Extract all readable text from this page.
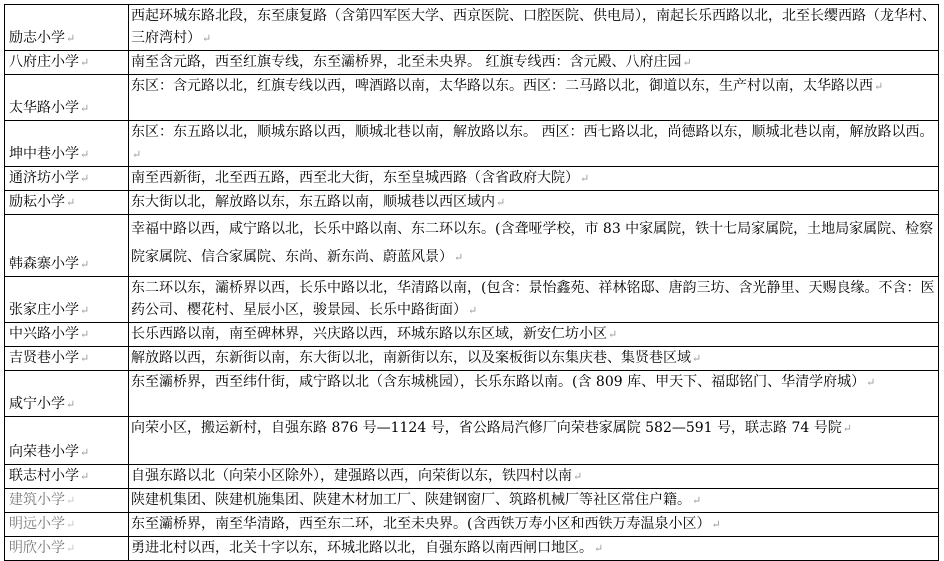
励志小学↵	西起环城东路北段，东至康复路（含第四军医大学、西京医院、口腔医院、供电局），南起长乐西路以北，北至长缨西路（龙华村、三府湾村）↵
八府庄小学↵	南至含元路，西至红旗专线，东至灞桥界，北至未央界。 红旗专线西：含元殿、八府庄园↵
太华路小学↵	东区：含元路以北，红旗专线以西，啤酒路以南，太华路以东。西区：二马路以北，御道以东，生产村以南，太华路以西↵
坤中巷小学↵	东区：东五路以北，顺城东路以西，顺城北巷以南，解放路以东。 西区：西七路以北，尚德路以东，顺城北巷以南，解放路以西。↵
通济坊小学↵	南至西新街，北至西五路，西至北大街，东至皇城西路（含省政府大院）↵
励耘小学↵	东大街以北，解放路以东，东五路以南，顺城巷以西区域内↵
韩森寨小学↵	幸福中路以西，咸宁路以北，长乐中路以南、东二环以东。(含聋哑学校，市 83 中家属院，铁十七局家属院，土地局家属院、检察院家属院、信合家属院、东尚、新东尚、蔚蓝风景）↵
张家庄小学↵	东二环以东，灞桥界以西，长乐中路以北，华清路以南，(包含：景怡鑫苑、祥林铭邸、唐韵三坊、含光静里、天赐良缘。不含：医药公司、樱花村、星辰小区，骏景园、长乐中路街面）↵
中兴路小学↵	长乐西路以南，南至碑林界，兴庆路以西，环城东路以东区域，新安仁坊小区↵
吉贤巷小学↵	解放路以西，东新街以南，东大街以北，南新街以东，以及案板街以东集庆巷、集贤巷区域↵
咸宁小学↵	东至灞桥界，西至纬什街，咸宁路以北（含东城桃园），长乐东路以南。(含 809 库、甲天下、福邸铭门、华清学府城）↵
向荣巷小学↵	向荣小区，搬运新村，自强东路 876 号—1124 号，省公路局汽修厂向荣巷家属院 582—591 号，联志路 74 号院↵
联志村小学↵	自强东路以北（向荣小区除外），建强路以西，向荣街以东，铁四村以南↵
建筑小学↵	陕建机集团、陕建机施集团、陕建木材加工厂、陕建钢窗厂、筑路机械厂等社区常住户籍。↵
明远小学↵	东至灞桥界，南至华清路，西至东二环，北至未央界。(含西铁万寿小区和西铁万寿温泉小区）↵
明欣小学↵	勇进北村以西，北关十字以东，环城北路以北，自强东路以南西闸口地区。↵
